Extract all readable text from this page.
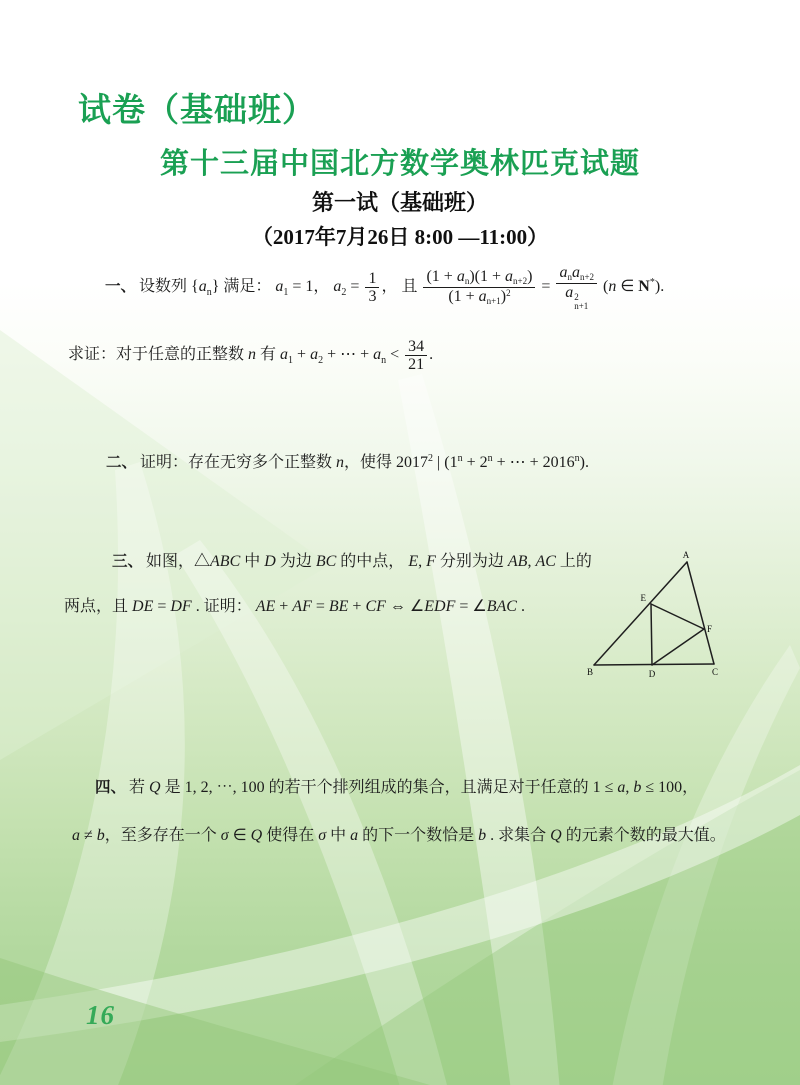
试卷（基础班）
第十三届中国北方数学奥林匹克试题
第一试（基础班）
（2017年7月26日 8:00 —11:00）
一、 设数列 $\{a_n\}$ 满足： $a_1 = 1$， $a_2 = \frac{1}{3}$ ， 且 $\frac{(1 + an)(1 + an+2)}{(1 + an+1)^2}$ = anan+2
a 2
n+1 (n ∈ N*).
求证：对于任意的正整数 n 有 $a_1 + a_2$ + ⋯ + $a_n < \frac{34}{21}$ .
二、 证明：存在无穷多个正整数 n，使得 2017$^2$ | ($1^n + 2^n$ + ⋯ + $2016^n$).
三、 如图，△ABC 中 D 为边 BC 的中点， E, F 分别为边 AB, AC 上的
两点，且 DE = DF . 证明： AE + AF = BE + CF ⇔ ∠EDF = ∠BAC .
A
B	C
D
E
F
四、 若 Q 是 1, 2, ⋯, 100 的若干个排列组成的集合，且满足对于任意的 1 ≤ a, b ≤ 100，
a ≠ b，至多存在一个 σ ∈ Q 使得在 σ 中 a 的下一个数恰是 b . 求集合 Q 的元素个数的最大值。
16
